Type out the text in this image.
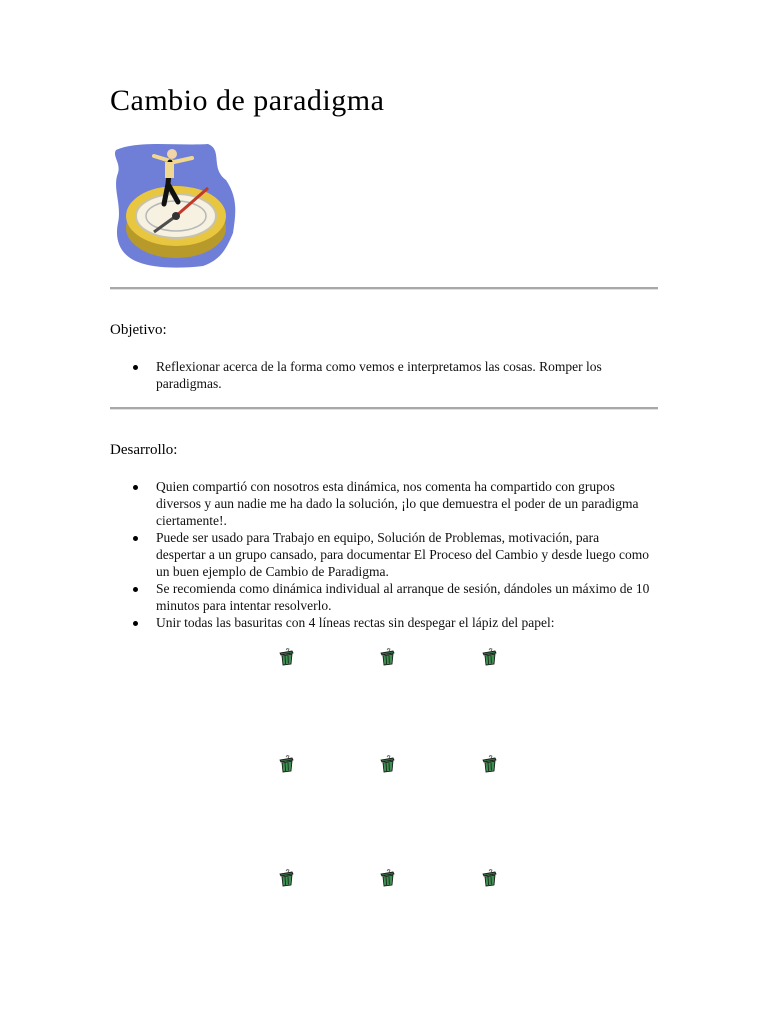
Cambio de paradigma
Objetivo:
Reflexionar acerca de la forma como vemos e interpretamos las cosas. Romper los paradigmas.
Desarrollo:
Quien compartió con nosotros esta dinámica, nos comenta ha compartido con grupos diversos y aun nadie me ha dado la solución, ¡lo que demuestra el poder de un paradigma ciertamente!.
Puede ser usado para Trabajo en equipo, Solución de Problemas, motivación, para despertar a un grupo cansado, para documentar El Proceso del Cambio y desde luego como un buen ejemplo de Cambio de Paradigma.
Se recomienda como dinámica individual al arranque de sesión, dándoles un máximo de 10 minutos para intentar resolverlo.
Unir todas las basuritas con 4 líneas rectas sin despegar el lápiz del papel:
